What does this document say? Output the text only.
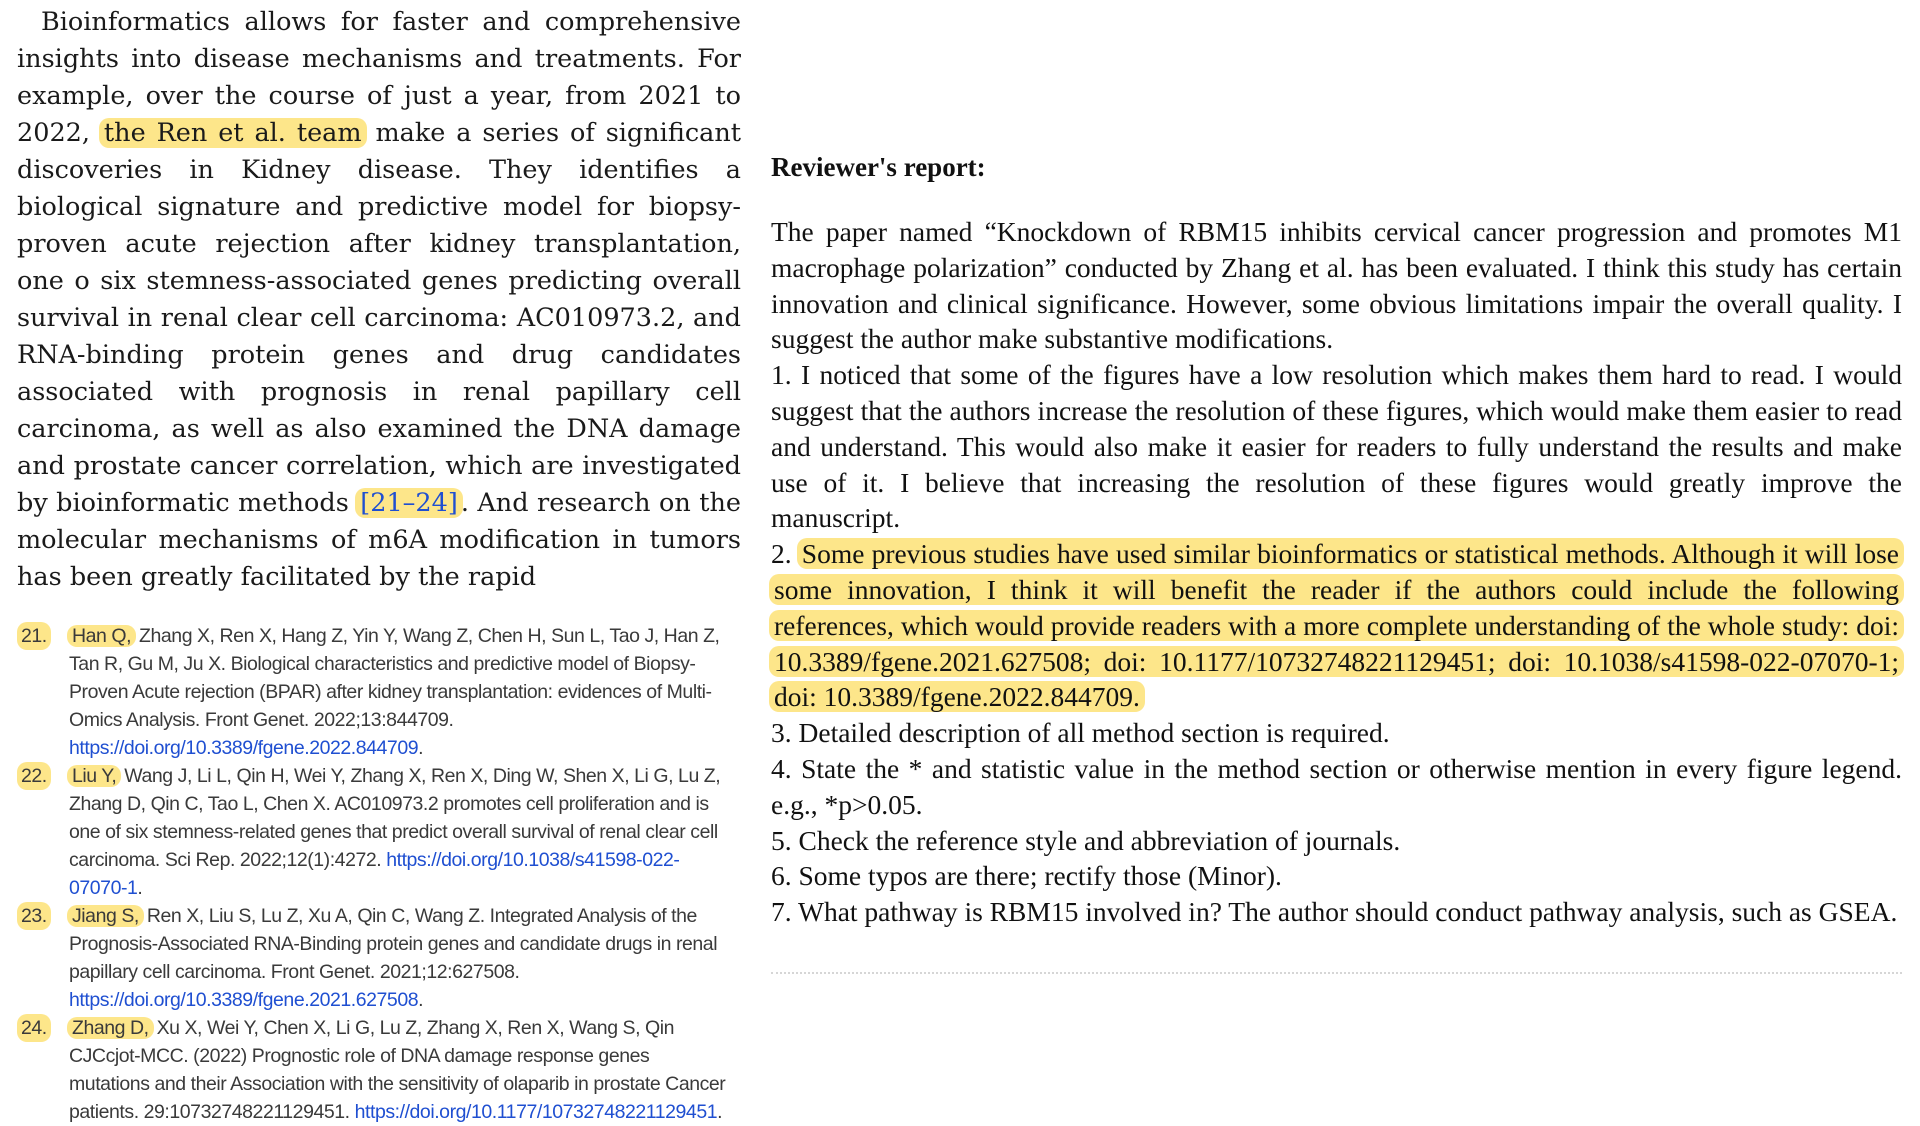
Bioinformatics allows for faster and comprehensive insights into disease mechanisms and treatments. For example, over the course of just a year, from 2021 to 2022, the Ren et al. team make a series of significant discoveries in Kidney disease. They identifies a biological signature and predictive model for biopsy-proven acute rejection after kidney transplantation, one o six stemness-associated genes predicting overall survival in renal clear cell carcinoma: AC010973.2, and RNA-binding protein genes and drug candidates associated with prognosis in renal papillary cell carcinoma, as well as also examined the DNA damage and prostate cancer correlation, which are investigated by bioinformatic methods [21–24] . And research on the molecular mechanisms of m6A modification in tumors has been greatly facilitated by the rapid

21. Han Q, Zhang X, Ren X, Hang Z, Yin Y, Wang Z, Chen H, Sun L, Tao J, Han Z, Tan R, Gu M, Ju X. Biological characteristics and predictive model of Biopsy-Proven Acute rejection (BPAR) after kidney transplantation: evidences of Multi-Omics Analysis. Front Genet. 2022;13:844709. https://doi.org/10.3389/fgene.2022.844709.
22. Liu Y, Wang J, Li L, Qin H, Wei Y, Zhang X, Ren X, Ding W, Shen X, Li G, Lu Z, Zhang D, Qin C, Tao L, Chen X. AC010973.2 promotes cell proliferation and is one of six stemness-related genes that predict overall survival of renal clear cell carcinoma. Sci Rep. 2022;12(1):4272. https://doi.org/10.1038/s41598-022-07070-1.
23. Jiang S, Ren X, Liu S, Lu Z, Xu A, Qin C, Wang Z. Integrated Analysis of the Prognosis-Associated RNA-Binding protein genes and candidate drugs in renal papillary cell carcinoma. Front Genet. 2021;12:627508. https://doi.org/10.3389/fgene.2021.627508.
24. Zhang D, Xu X, Wei Y, Chen X, Li G, Lu Z, Zhang X, Ren X, Wang S, Qin CJCcjot-MCC. (2022) Prognostic role of DNA damage response genes mutations and their Association with the sensitivity of olaparib in prostate Cancer patients. 29:10732748221129451. https://doi.org/10.1177/10732748221129451.
Reviewer's report:

The paper named “Knockdown of RBM15 inhibits cervical cancer progression and promotes M1 macrophage polarization” conducted by Zhang et al. has been evaluated. I think this study has certain innovation and clinical significance. However, some obvious limitations impair the overall quality. I suggest the author make substantive modifications.

1. I noticed that some of the figures have a low resolution which makes them hard to read. I would suggest that the authors increase the resolution of these figures, which would make them easier to read and understand. This would also make it easier for readers to fully understand the results and make use of it. I believe that increasing the resolution of these figures would greatly improve the manuscript.

2. Some previous studies have used similar bioinformatics or statistical methods. Although it will lose some innovation, I think it will benefit the reader if the authors could include the following references, which would provide readers with a more complete understanding of the whole study: doi: 10.3389/fgene.2021.627508; doi: 10.1177/10732748221129451; doi: 10.1038/s41598-022-07070-1; doi: 10.3389/fgene.2022.844709.

3. Detailed description of all method section is required.

4. State the * and statistic value in the method section or otherwise mention in every figure legend. e.g., *p>0.05.

5. Check the reference style and abbreviation of journals.

6. Some typos are there; rectify those (Minor).

7. What pathway is RBM15 involved in? The author should conduct pathway analysis, such as GSEA.
